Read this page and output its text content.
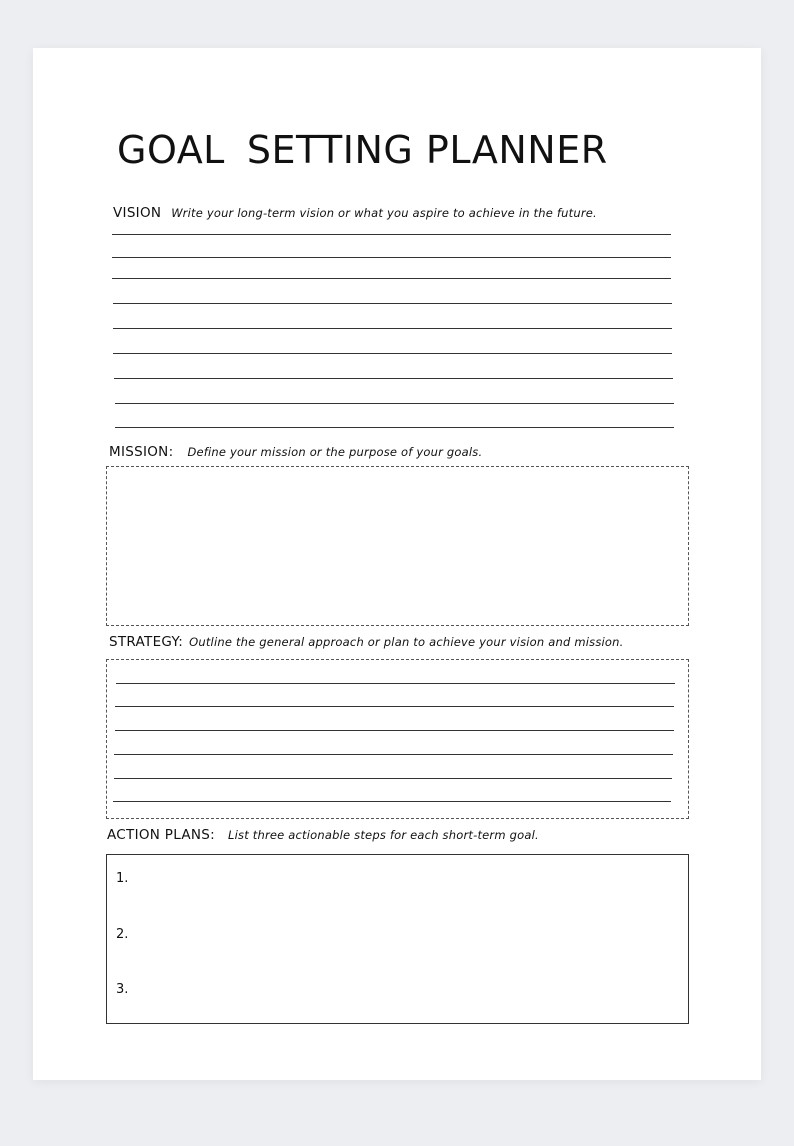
GOAL SETTING PLANNER
VISION Write your long-term vision or what you aspire to achieve in the future.
MISSION: Define your mission or the purpose of your goals.
STRATEGY: Outline the general approach or plan to achieve your vision and mission.
ACTION PLANS: List three actionable steps for each short-term goal.
1.
2.
3.
